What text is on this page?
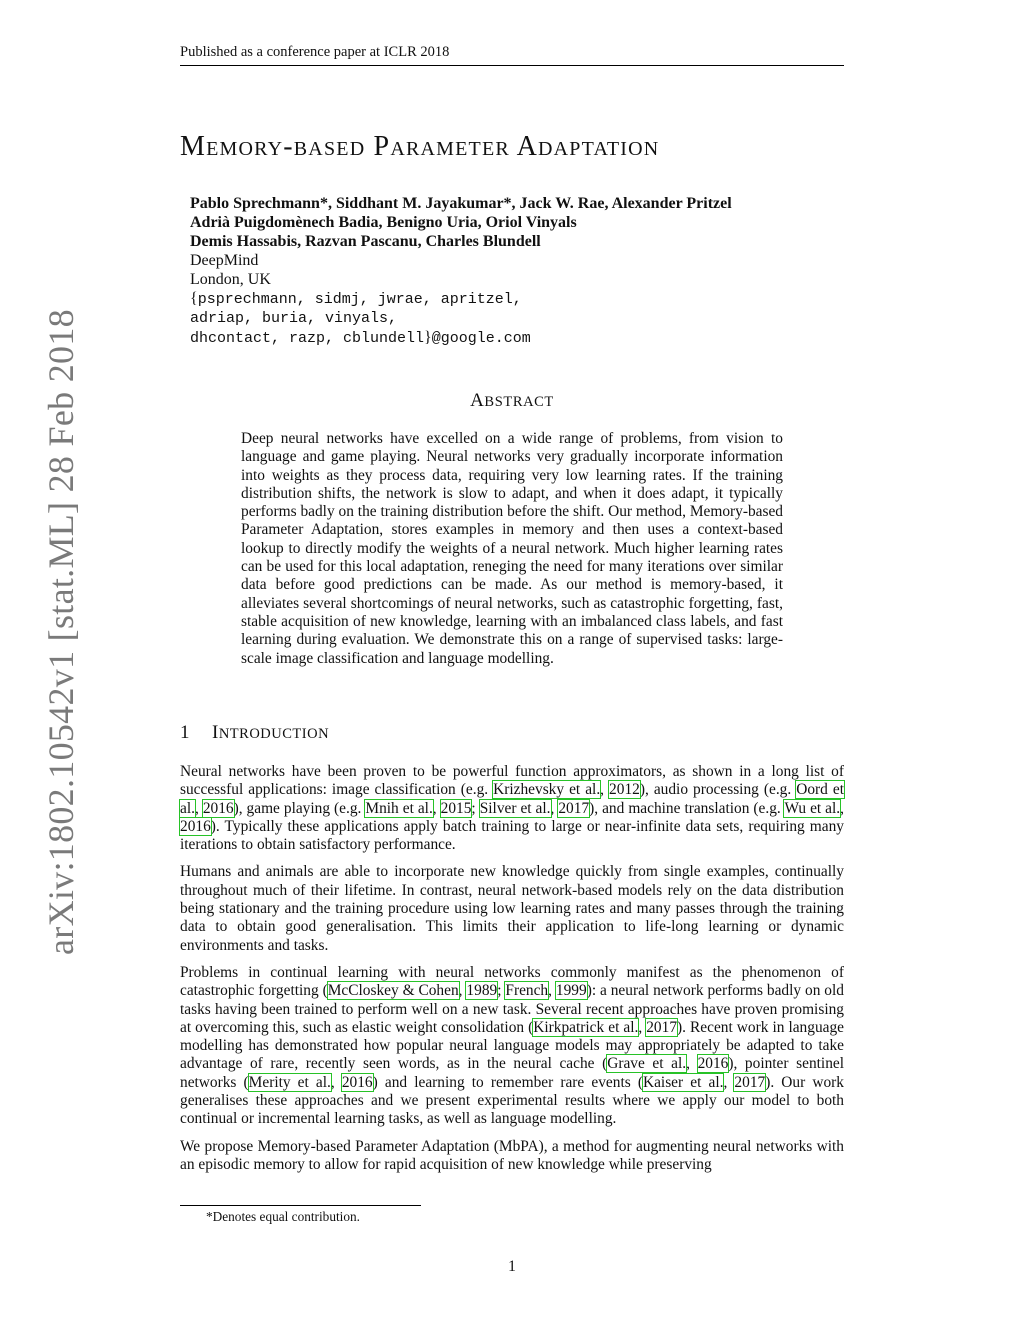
Published as a conference paper at ICLR 2018
arXiv:1802.10542v1 [stat.ML] 28 Feb 2018
MEMORY-BASED PARAMETER ADAPTATION
Pablo Sprechmann*, Siddhant M. Jayakumar*, Jack W. Rae, Alexander Pritzel
Adrià Puigdomènech Badia, Benigno Uria, Oriol Vinyals
Demis Hassabis, Razvan Pascanu, Charles Blundell
DeepMind
London, UK
{psprechmann, sidmj, jwrae, apritzel,
adriap, buria, vinyals,
dhcontact, razp, cblundell}@google.com
ABSTRACT
Deep neural networks have excelled on a wide range of problems, from vision to language and game playing. Neural networks very gradually incorporate information into weights as they process data, requiring very low learning rates. If the training distribution shifts, the network is slow to adapt, and when it does adapt, it typically performs badly on the training distribution before the shift. Our method, Memory-based Parameter Adaptation, stores examples in memory and then uses a context-based lookup to directly modify the weights of a neural network. Much higher learning rates can be used for this local adaptation, reneging the need for many iterations over similar data before good predictions can be made. As our method is memory-based, it alleviates several shortcomings of neural networks, such as catastrophic forgetting, fast, stable acquisition of new knowledge, learning with an imbalanced class labels, and fast learning during evaluation. We demonstrate this on a range of supervised tasks: large-scale image classification and language modelling.
1 INTRODUCTION

Neural networks have been proven to be powerful function approximators, as shown in a long list of successful applications: image classification (e.g. Krizhevsky et al., 2012), audio processing (e.g. Oord et al., 2016), game playing (e.g. Mnih et al., 2015; Silver et al., 2017), and machine translation (e.g. Wu et al., 2016). Typically these applications apply batch training to large or near-infinite data sets, requiring many iterations to obtain satisfactory performance.

Humans and animals are able to incorporate new knowledge quickly from single examples, continually throughout much of their lifetime. In contrast, neural network-based models rely on the data distribution being stationary and the training procedure using low learning rates and many passes through the training data to obtain good generalisation. This limits their application to life-long learning or dynamic environments and tasks.

Problems in continual learning with neural networks commonly manifest as the phenomenon of catastrophic forgetting (McCloskey & Cohen, 1989; French, 1999): a neural network performs badly on old tasks having been trained to perform well on a new task. Several recent approaches have proven promising at overcoming this, such as elastic weight consolidation (Kirkpatrick et al., 2017). Recent work in language modelling has demonstrated how popular neural language models may appropriately be adapted to take advantage of rare, recently seen words, as in the neural cache (Grave et al., 2016), pointer sentinel networks (Merity et al., 2016) and learning to remember rare events (Kaiser et al., 2017). Our work generalises these approaches and we present experimental results where we apply our model to both continual or incremental learning tasks, as well as language modelling.

We propose Memory-based Parameter Adaptation (MbPA), a method for augmenting neural networks with an episodic memory to allow for rapid acquisition of new knowledge while preserving

*Denotes equal contribution.
1
